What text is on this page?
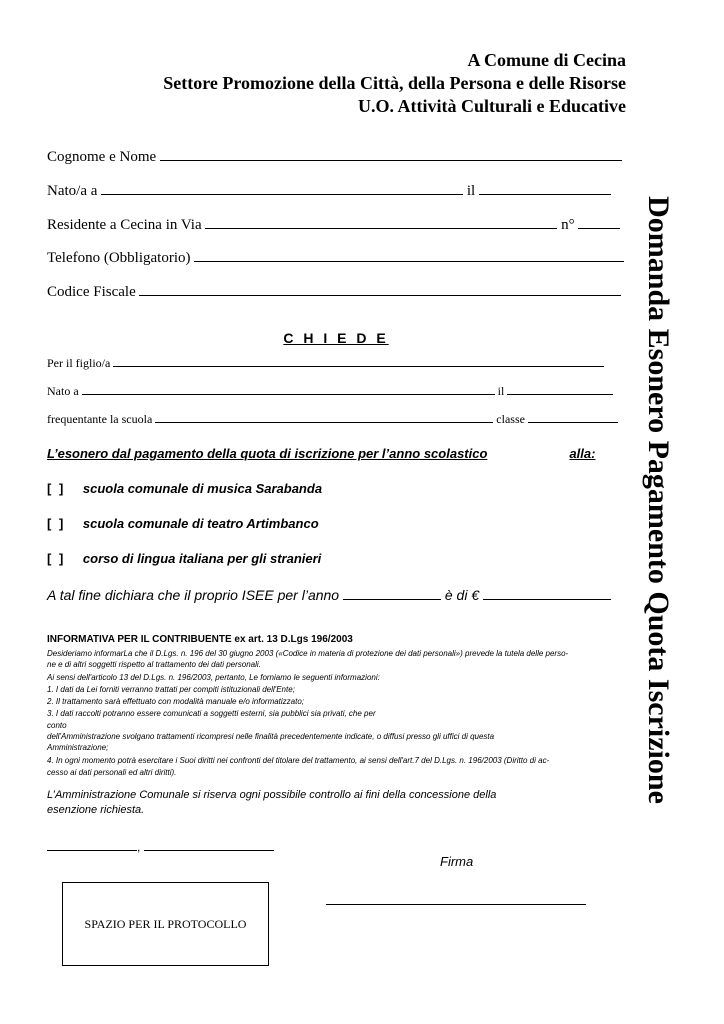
A Comune di Cecina
Settore Promozione della Città, della Persona e delle Risorse
U.O. Attività Culturali e Educative
Domanda Esonero Pagamento Quota Iscrizione
Cognome e Nome
Nato/a a	il
Residente a Cecina in Via	n°
Telefono (Obbligatorio)
Codice Fiscale
C H I E D E
Per il figlio/a
Nato a	il
frequentante la scuola	classe
L’esonero dal pagamento della quota di iscrizione per l’anno scolastico	alla:
[ ] scuola comunale di musica Sarabanda
[ ] scuola comunale di teatro Artimbanco
[ ] corso di lingua italiana per gli stranieri
A tal fine dichiara che il proprio ISEE per l’anno	è di €
INFORMATIVA PER IL CONTRIBUENTE ex art. 13 D.Lgs 196/2003
Desideriamo informarLa che il D.Lgs. n. 196 del 30 giugno 2003 («Codice in materia di protezione dei dati personali») prevede la tutela delle perso-
ne e di altri soggetti rispetto al trattamento dei dati personali.
Ai sensi dell'articolo 13 del D.Lgs. n. 196/2003, pertanto, Le forniamo le seguenti informazioni:
1. I dati da Lei forniti verranno trattati per compiti istituzionali dell'Ente;
2. Il trattamento sarà effettuato con modalità manuale e/o informatizzato;
3. I dati raccolti potranno essere comunicati a soggetti esterni, sia pubblici sia privati, che per
conto
dell'Amministrazione svolgano trattamenti ricompresi nelle finalità precedentemente indicate, o diffusi presso gli uffici di questa
Amministrazione;
4. In ogni momento potrà esercitare i Suoi diritti nei confronti del titolare del trattamento, ai sensi dell'art.7 del D.Lgs. n. 196/2003 (Diritto di ac-
cesso ai dati personali ed altri diritti).
L’Amministrazione Comunale si riserva ogni possibile controllo ai fini della concessione della
esenzione richiesta.
,
Firma
SPAZIO PER IL PROTOCOLLO
